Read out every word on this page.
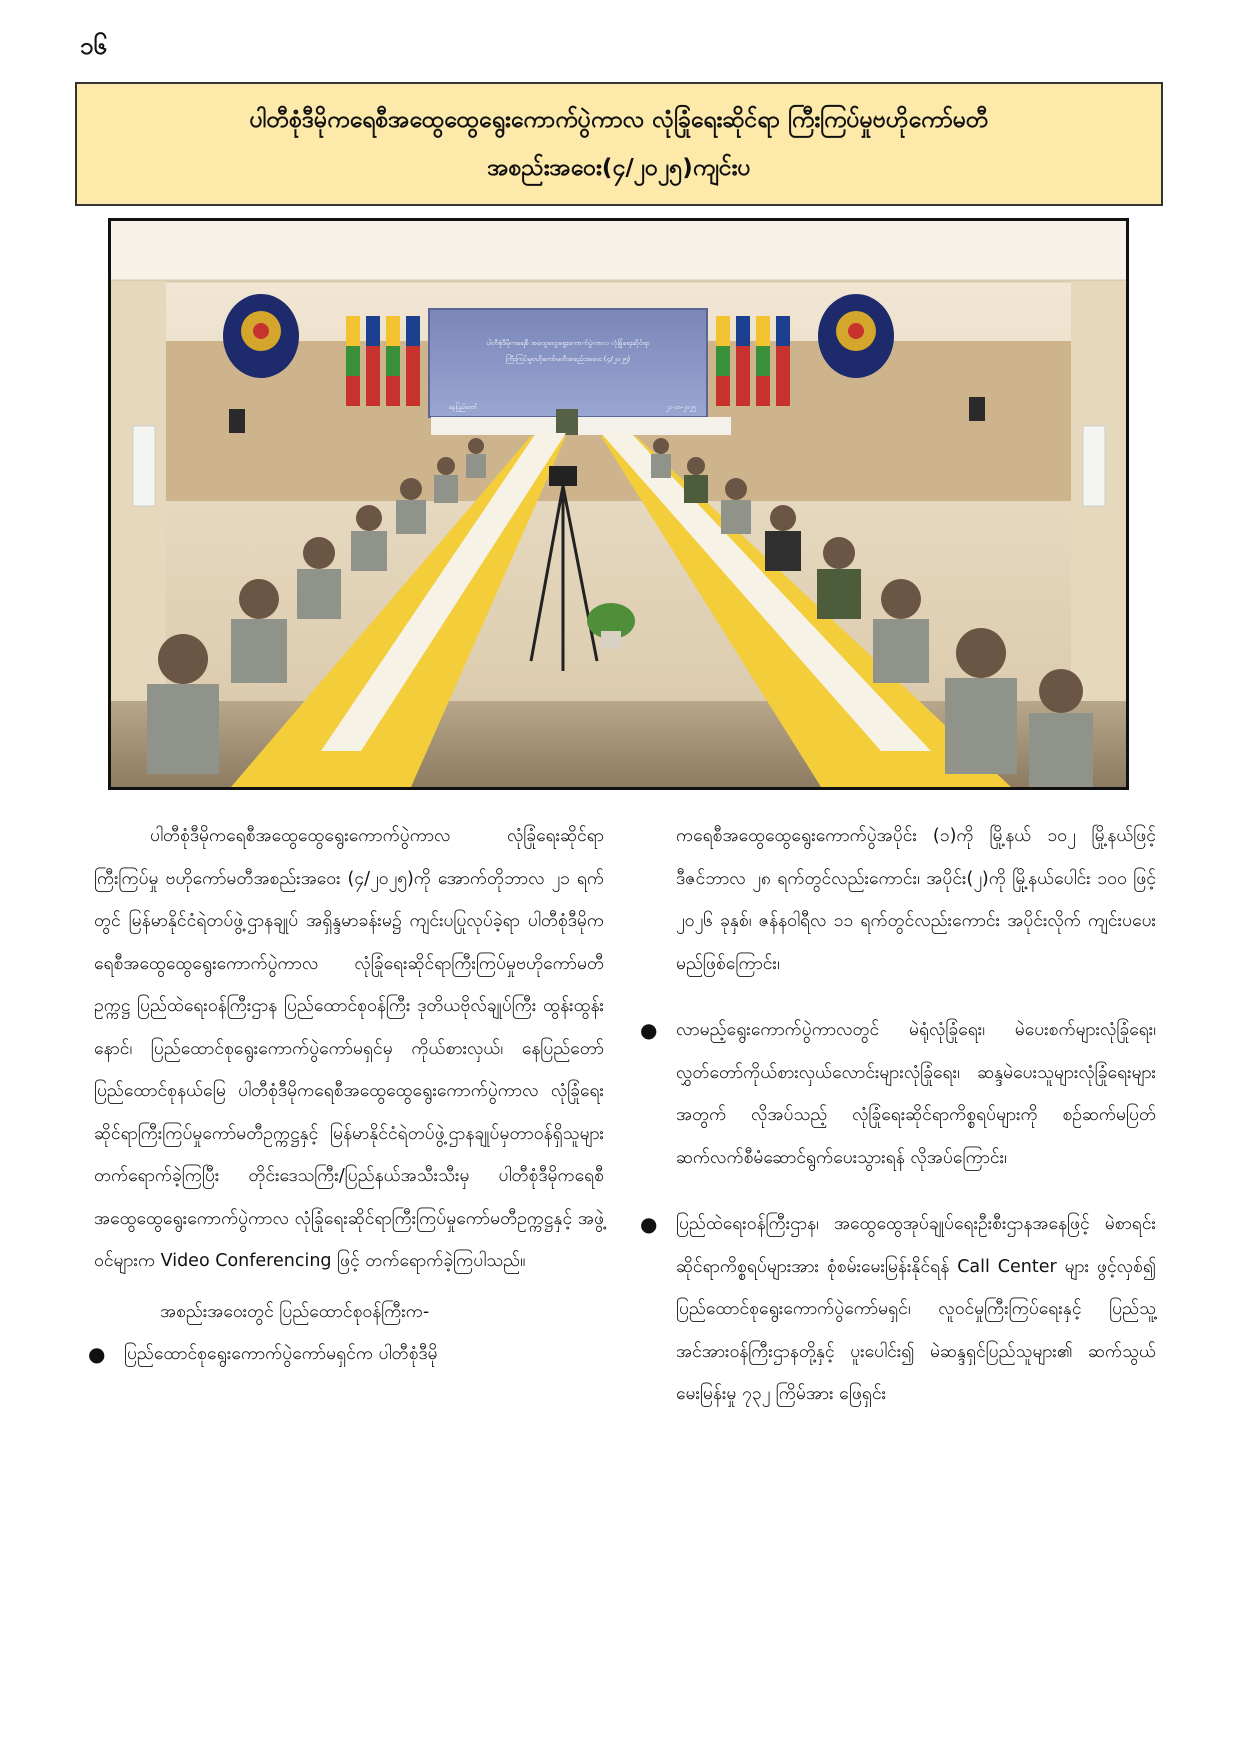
၁၆
ပါတီစုံဒီမိုကရေစီအထွေထွေရွေးကောက်ပွဲကာလ လုံခြုံရေးဆိုင်ရာ ကြီးကြပ်မှုဗဟိုကော်မတီ
အစည်းအဝေး(၄/၂၀၂၅)ကျင်းပ
ပါတီစုံဒီမိုကရေစီ အထွေထွေရွေးကောက်ပွဲကာလ လုံခြုံရေးဆိုင်ရာ
ကြီးကြပ်မှုဗဟိုကော်မတီအစည်းအဝေး (၄/၂၀၂၅)
နေပြည်တော်	၂၁-၁၀-၂၀၂၅

ပါတီစုံဒီမိုကရေစီအထွေထွေရွေးကောက်ပွဲကာလ လုံခြုံရေးဆိုင်ရာကြီးကြပ်မှု ဗဟိုကော်မတီအစည်းအဝေး (၄/၂၀၂၅)ကို အောက်တိုဘာလ ၂၁ ရက်တွင် မြန်မာနိုင်ငံရဲတပ်ဖွဲ့ဌာနချုပ် အရှိန္ဒမာခန်းမ၌ ကျင်းပပြုလုပ်ခဲ့ရာ ပါတီစုံဒီမိုကရေစီအထွေထွေရွေးကောက်ပွဲကာလ လုံခြုံရေးဆိုင်ရာကြီးကြပ်မှုဗဟိုကော်မတီဥက္ကဋ္ဌ ပြည်ထဲရေးဝန်ကြီးဌာန ပြည်ထောင်စုဝန်ကြီး ဒုတိယဗိုလ်ချုပ်ကြီး ထွန်းထွန်းနောင်၊ ပြည်ထောင်စုရွေးကောက်ပွဲကော်မရှင်မှ ကိုယ်စားလှယ်၊ နေပြည်တော် ပြည်ထောင်စုနယ်မြေ ပါတီစုံဒီမိုကရေစီအထွေထွေရွေးကောက်ပွဲကာလ လုံခြုံရေးဆိုင်ရာကြီးကြပ်မှုကော်မတီဥက္ကဋ္ဌနှင့် မြန်မာနိုင်ငံရဲတပ်ဖွဲ့ဌာနချုပ်မှတာဝန်ရှိသူများတက်ရောက်ခဲ့ကြပြီး တိုင်းဒေသကြီး/ပြည်နယ်အသီးသီးမှ ပါတီစုံဒီမိုကရေစီအထွေထွေရွေးကောက်ပွဲကာလ လုံခြုံရေးဆိုင်ရာကြီးကြပ်မှုကော်မတီဥက္ကဋ္ဌနှင့် အဖွဲ့ဝင်များက Video Conferencing ဖြင့် တက်ရောက်ခဲ့ကြပါသည်။

အစည်းအဝေးတွင် ပြည်ထောင်စုဝန်ကြီးက-

● ပြည်ထောင်စုရွေးကောက်ပွဲကော်မရှင်က ပါတီစုံဒီမို

ကရေစီအထွေထွေရွေးကောက်ပွဲအပိုင်း (၁)ကို မြို့နယ် ၁၀၂ မြို့နယ်ဖြင့် ဒီဇင်ဘာလ ၂၈ ရက်တွင်လည်းကောင်း၊ အပိုင်း(၂)ကို မြို့နယ်ပေါင်း ၁၀၀ ဖြင့် ၂၀၂၆ ခုနှစ်၊ ဇန်နဝါရီလ ၁၁ ရက်တွင်လည်းကောင်း အပိုင်းလိုက် ကျင်းပပေးမည်ဖြစ်ကြောင်း၊

● လာမည့်ရွေးကောက်ပွဲကာလတွင် မဲရုံလုံခြုံရေး၊ မဲပေးစက်များလုံခြုံရေး၊ လွှတ်တော်ကိုယ်စားလှယ်လောင်းများလုံခြုံရေး၊ ဆန္ဒမဲပေးသူများလုံခြုံရေးများအတွက် လိုအပ်သည့် လုံခြုံရေးဆိုင်ရာကိစ္စရပ်များကို စဉ်ဆက်မပြတ် ဆက်လက်စီမံဆောင်ရွက်ပေးသွားရန် လိုအပ်ကြောင်း၊

● ပြည်ထဲရေးဝန်ကြီးဌာန၊ အထွေထွေအုပ်ချုပ်ရေးဦးစီးဌာနအနေဖြင့် မဲစာရင်းဆိုင်ရာကိစ္စရပ်များအား စုံစမ်းမေးမြန်းနိုင်ရန် Call Center များ ဖွင့်လှစ်၍ ပြည်ထောင်စုရွေးကောက်ပွဲကော်မရှင်၊ လူဝင်မှုကြီးကြပ်ရေးနှင့် ပြည်သူ့အင်အားဝန်ကြီးဌာနတို့နှင့် ပူးပေါင်း၍ မဲဆန္ဒရှင်ပြည်သူများ၏ ဆက်သွယ်မေးမြန်းမှု ၇၃၂ ကြိမ်အား ဖြေရှင်း
